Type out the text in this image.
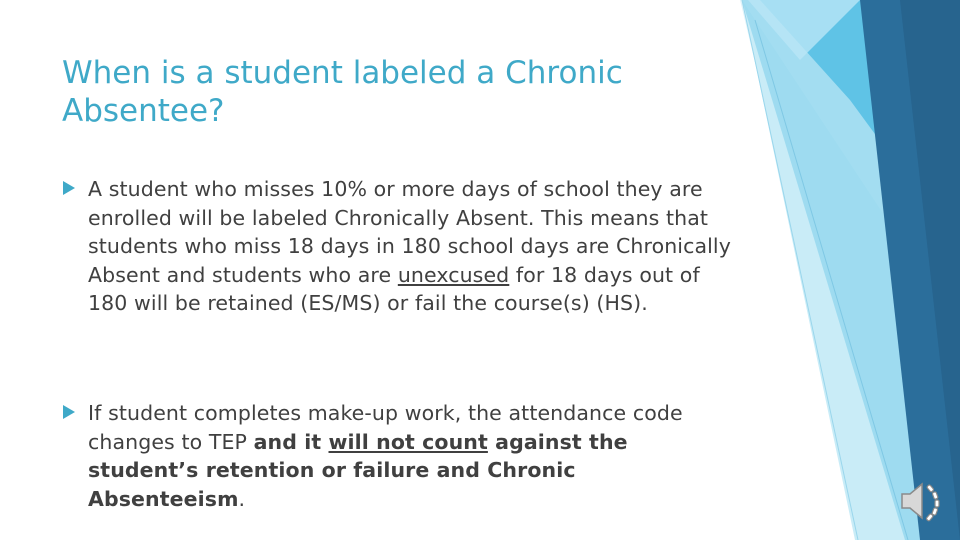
When is a student labeled a Chronic Absentee?
A student who misses 10% or more days of school they are enrolled will be labeled Chronically Absent. This means that students who miss 18 days in 180 school days are Chronically Absent and students who are unexcused for 18 days out of 180 will be retained (ES/MS) or fail the course(s) (HS).
If student completes make-up work, the attendance code changes to TEP and it will not count against the student’s retention or failure and Chronic Absenteeism.
